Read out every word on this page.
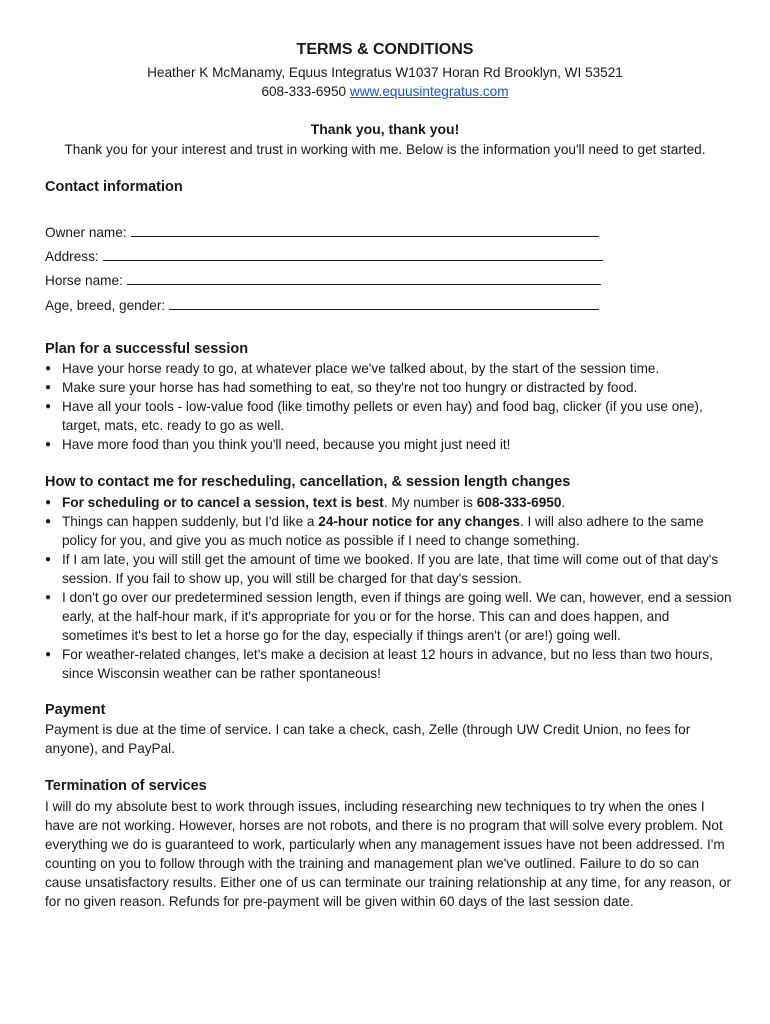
TERMS & CONDITIONS
Heather K McManamy, Equus Integratus W1037 Horan Rd Brooklyn, WI 53521
608-333-6950 www.equusintegratus.com
Thank you, thank you!
Thank you for your interest and trust in working with me. Below is the information you'll need to get started.
Contact information
Owner name:
Address:
Horse name:
Age, breed, gender:
Plan for a successful session
● Have your horse ready to go, at whatever place we've talked about, by the start of the session time.
● Make sure your horse has had something to eat, so they're not too hungry or distracted by food.
● Have all your tools - low-value food (like timothy pellets or even hay) and food bag, clicker (if you use one), target, mats, etc. ready to go as well.
● Have more food than you think you'll need, because you might just need it!
How to contact me for rescheduling, cancellation, & session length changes
● For scheduling or to cancel a session, text is best. My number is 608-333-6950.
● Things can happen suddenly, but I'd like a 24-hour notice for any changes. I will also adhere to the same policy for you, and give you as much notice as possible if I need to change something.
● If I am late, you will still get the amount of time we booked. If you are late, that time will come out of that day's session. If you fail to show up, you will still be charged for that day's session.
● I don't go over our predetermined session length, even if things are going well. We can, however, end a session early, at the half-hour mark, if it's appropriate for you or for the horse. This can and does happen, and sometimes it's best to let a horse go for the day, especially if things aren't (or are!) going well.
● For weather-related changes, let's make a decision at least 12 hours in advance, but no less than two hours, since Wisconsin weather can be rather spontaneous!
Payment
Payment is due at the time of service. I can take a check, cash, Zelle (through UW Credit Union, no fees for anyone), and PayPal.
Termination of services
I will do my absolute best to work through issues, including researching new techniques to try when the ones I have are not working. However, horses are not robots, and there is no program that will solve every problem. Not everything we do is guaranteed to work, particularly when any management issues have not been addressed. I'm counting on you to follow through with the training and management plan we've outlined. Failure to do so can cause unsatisfactory results. Either one of us can terminate our training relationship at any time, for any reason, or for no given reason. Refunds for pre-payment will be given within 60 days of the last session date.
